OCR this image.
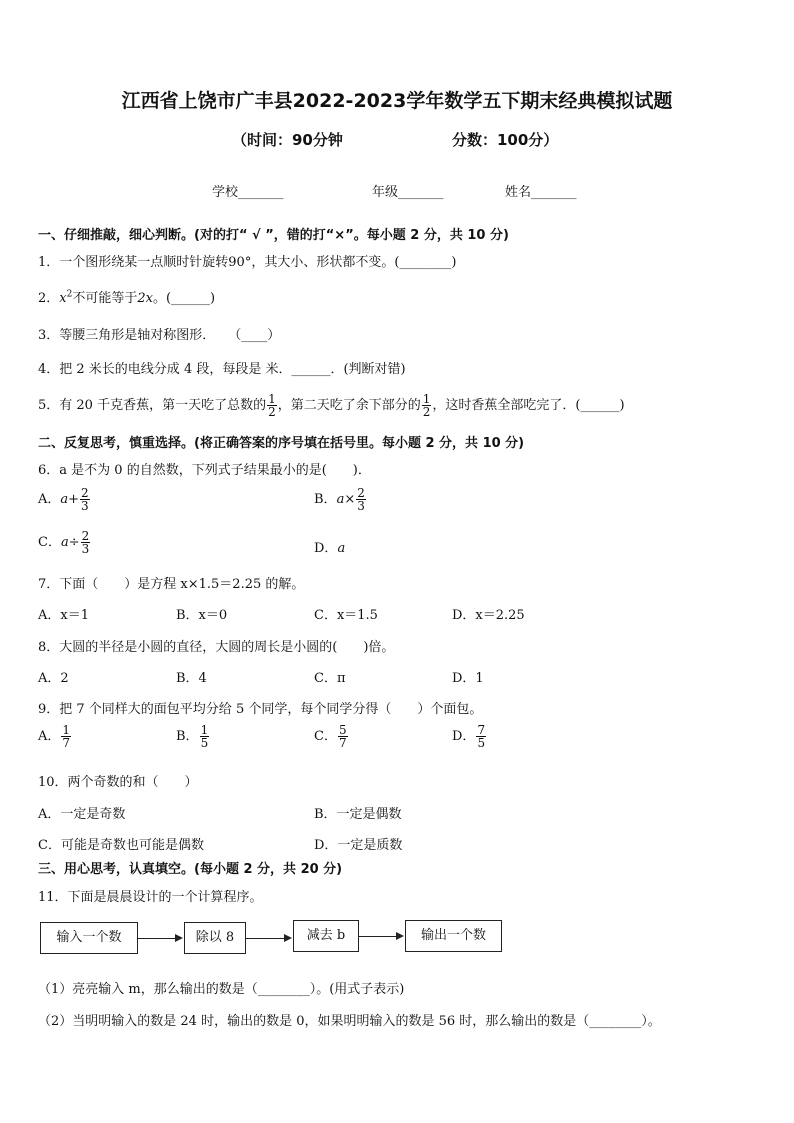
江西省上饶市广丰县2022-2023学年数学五下期末经典模拟试题
（时间：90分钟	分数：100分）
学校_______	年级_______	姓名_______
一、仔细推敲，细心判断。(对的打“ √ ”，错的打“×”。每小题 2 分，共 10 分)
1．一个图形绕某一点顺时针旋转90°，其大小、形状都不变。(________)
2．$x^2$不可能等于2x。(______)
3．等腰三角形是轴对称图形．　　（____）
4．把 2 米长的电线分成 4 段，每段是 米．______．(判断对错)
5．有 20 千克香蕉，第一天吃了总数的 $\frac{1}{2}$ ，第二天吃了余下部分的 $\frac{1}{2}$ ，这时香蕉全部吃完了．(______)
二、反复思考，慎重选择。(将正确答案的序号填在括号里。每小题 2 分，共 10 分)
6．a 是不为 0 的自然数，下列式子结果最小的是(　　)．
A．$a+ \frac{2}{3}$	B．$a\times \frac{2}{3}$
C．$a\div \frac{2}{3}$	D．a
7．下面（　　）是方程 x×1.5＝2.25 的解。
A．x＝1	B．x＝0	C．x＝1.5	D．x＝2.25
8．大圆的半径是小圆的直径，大圆的周长是小圆的(　　)倍。
A．2	B．4	C．π	D．1
9．把 7 个同样大的面包平均分给 5 个同学，每个同学分得（　　）个面包。
A． $\frac{1}{7}$	B． $\frac{1}{5}$	C． $\frac{5}{7}$	D． $\frac{7}{5}$
10．两个奇数的和（　　）
A．一定是奇数	B．一定是偶数
C．可能是奇数也可能是偶数	D．一定是质数
三、用心思考，认真填空。(每小题 2 分，共 20 分)
11．下面是晨晨设计的一个计算程序。
输入一个数	除以 8	减去 b	输出一个数
（1）亮亮输入 m，那么输出的数是（________）。(用式子表示)
（2）当明明输入的数是 24 时，输出的数是 0，如果明明输入的数是 56 时，那么输出的数是（________）。
